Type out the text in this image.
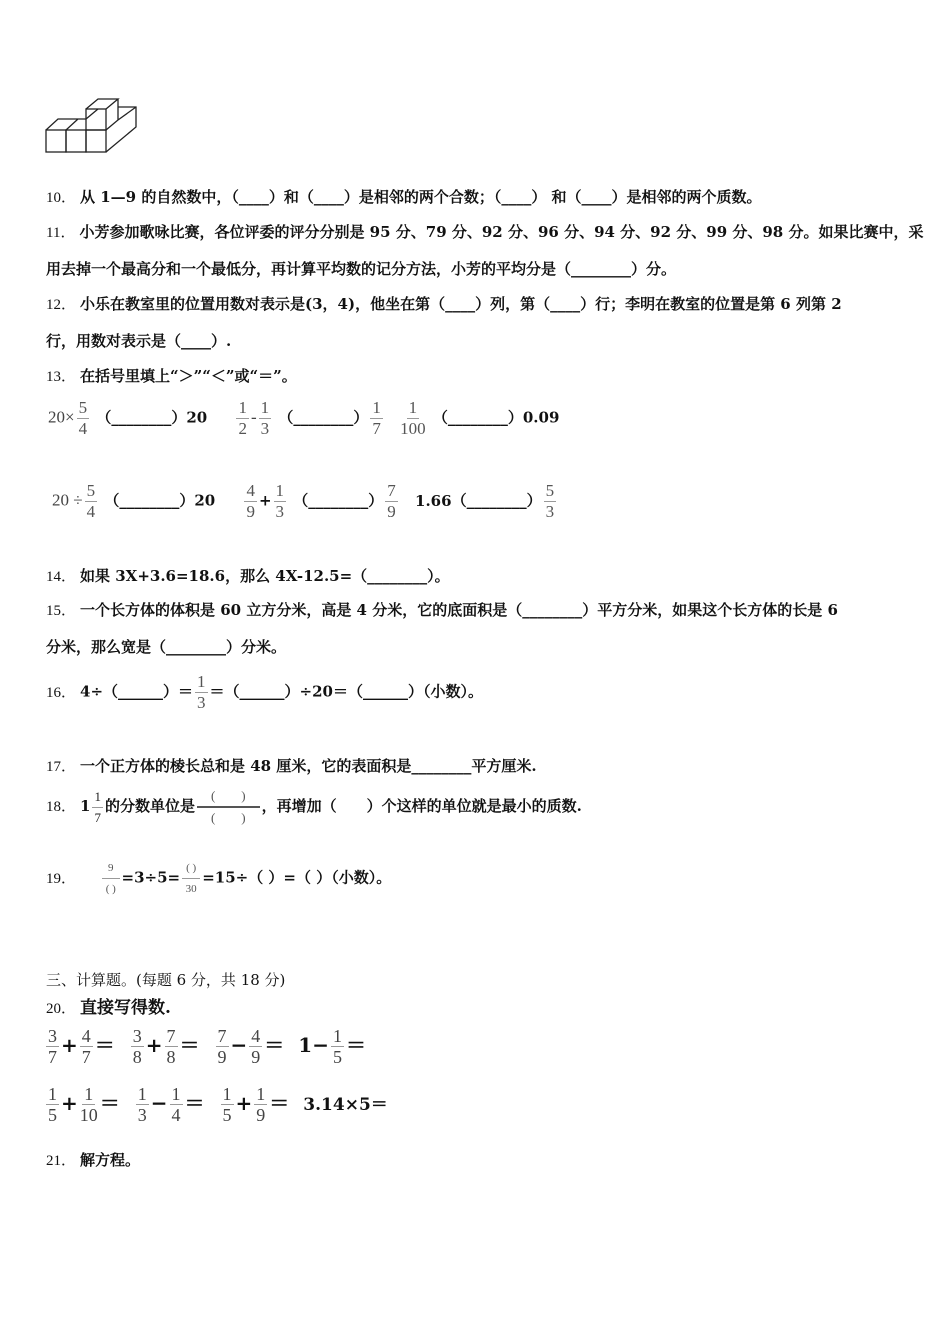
10． 从 1—9 的自然数中，（____）和（____）是相邻的两个合数；（____） 和（____）是相邻的两个质数。
11． 小芳参加歌咏比赛，各位评委的评分分别是 95 分、79 分、92 分、96 分、94 分、92 分、99 分、98 分。如果比赛中，采
用去掉一个最高分和一个最低分，再计算平均数的记分方法，小芳的平均分是（________）分。
12． 小乐在教室里的位置用数对表示是(3，4)，他坐在第（____）列，第（____）行；李明在教室的位置是第 6 列第 2
行，用数对表示是（____）.
13． 在括号里填上“＞”“＜”或“＝”。
$20\times \frac{5}{4}$ （________）20 $\frac{1}{2} - \frac{1}{3}$ （________） $\frac{1}{7}$
$\frac{1}{100}$ （________）0.09
$20 \div \frac{5}{4}$ （________）20 $\frac{4}{9} + \frac{1}{3}$ （________） $\frac{7}{9}$ 1.66（________） $\frac{5}{3}$
14． 如果 3X+3.6=18.6，那么 4X-12.5=（________）。
15． 一个长方体的体积是 60 立方分米，高是 4 分米，它的底面积是（________）平方分米，如果这个长方体的长是 6
分米，那么宽是（________）分米。
16． 4÷（______）＝ $\frac{1}{3}$ ＝（______）÷20＝（______）（小数）。
17． 一个正方体的棱长总和是 48 厘米，它的表面积是________平方厘米.
18． $1 \frac{1}{7}$ 的分数单位是 $\frac{( )}{( )}$ ，再增加（　　）个这样的单位就是最小的质数.
19． $\frac{9}{( )} =3\div 5= \frac{( )}{30} =15\div$（ ）=（ ）（小数）。
三、计算题。(每题 6 分，共 18 分)
20． 直接写得数.
$\frac{3}{7} + \frac{4}{7} = \frac{3}{8} + \frac{7}{8} = \frac{7}{9} - \frac{4}{9} = 1- \frac{1}{5}$ ＝
$\frac{1}{5} + \frac{1}{10} = \frac{1}{3} - \frac{1}{4} = \frac{1}{5} + \frac{1}{9} = 3.14\times 5=$
21． 解方程。
